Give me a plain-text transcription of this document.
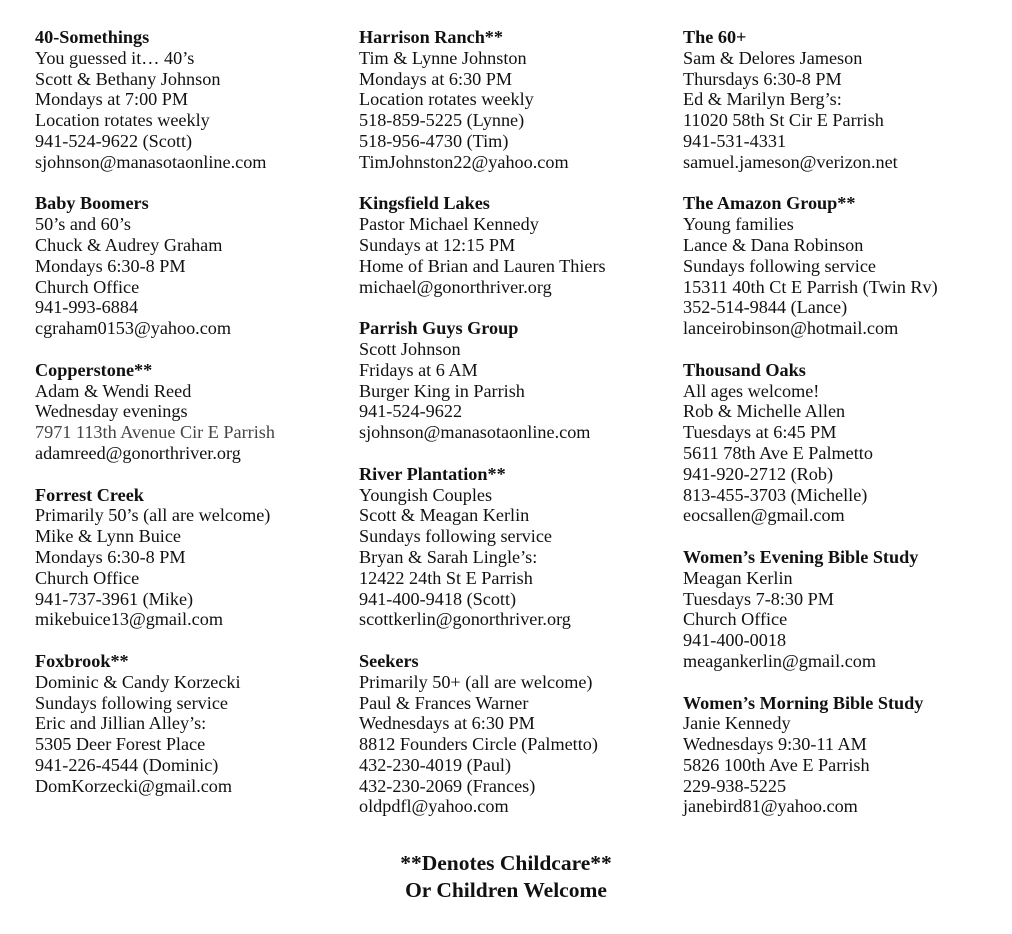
40-Somethings
You guessed it… 40’s
Scott & Bethany Johnson
Mondays at 7:00 PM
Location rotates weekly
941-524-9622 (Scott)
sjohnson@manasotaonline.com
Baby Boomers
50’s and 60’s
Chuck & Audrey Graham
Mondays 6:30-8 PM
Church Office
941-993-6884
cgraham0153@yahoo.com
Copperstone**
Adam & Wendi Reed
Wednesday evenings
7971 113th Avenue Cir E Parrish
adamreed@gonorthriver.org
Forrest Creek
Primarily 50’s (all are welcome)
Mike & Lynn Buice
Mondays 6:30-8 PM
Church Office
941-737-3961 (Mike)
mikebuice13@gmail.com
Foxbrook**
Dominic & Candy Korzecki
Sundays following service
Eric and Jillian Alley’s:
5305 Deer Forest Place
941-226-4544 (Dominic)
DomKorzecki@gmail.com
Harrison Ranch**
Tim & Lynne Johnston
Mondays at 6:30 PM
Location rotates weekly
518-859-5225 (Lynne)
518-956-4730 (Tim)
TimJohnston22@yahoo.com
Kingsfield Lakes
Pastor Michael Kennedy
Sundays at 12:15 PM
Home of Brian and Lauren Thiers
michael@gonorthriver.org
Parrish Guys Group
Scott Johnson
Fridays at 6 AM
Burger King in Parrish
941-524-9622
sjohnson@manasotaonline.com
River Plantation**
Youngish Couples
Scott & Meagan Kerlin
Sundays following service
Bryan & Sarah Lingle’s:
12422 24th St E Parrish
941-400-9418 (Scott)
scottkerlin@gonorthriver.org
Seekers
Primarily 50+ (all are welcome)
Paul & Frances Warner
Wednesdays at 6:30 PM
8812 Founders Circle (Palmetto)
432-230-4019 (Paul)
432-230-2069 (Frances)
oldpdfl@yahoo.com
The 60+
Sam & Delores Jameson
Thursdays 6:30-8 PM
Ed & Marilyn Berg’s:
11020 58th St Cir E Parrish
941-531-4331
samuel.jameson@verizon.net
The Amazon Group**
Young families
Lance & Dana Robinson
Sundays following service
15311 40th Ct E Parrish (Twin Rv)
352-514-9844 (Lance)
lanceirobinson@hotmail.com
Thousand Oaks
All ages welcome!
Rob & Michelle Allen
Tuesdays at 6:45 PM
5611 78th Ave E Palmetto
941-920-2712 (Rob)
813-455-3703 (Michelle)
eocsallen@gmail.com
Women’s Evening Bible Study
Meagan Kerlin
Tuesdays 7-8:30 PM
Church Office
941-400-0018
meagankerlin@gmail.com
Women’s Morning Bible Study
Janie Kennedy
Wednesdays 9:30-11 AM
5826 100th Ave E Parrish
229-938-5225
janebird81@yahoo.com
**Denotes Childcare**
Or Children Welcome
